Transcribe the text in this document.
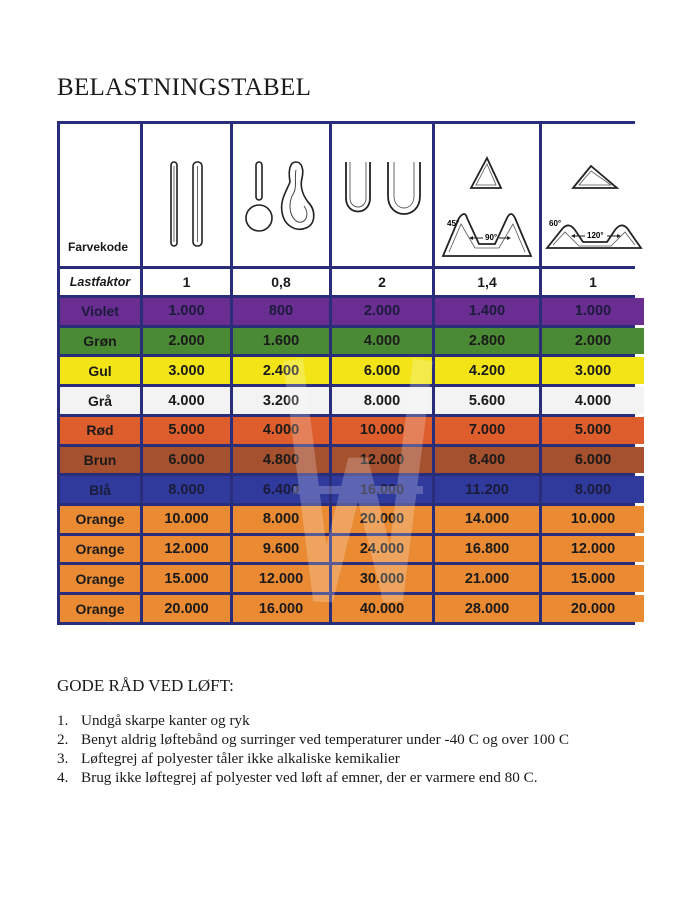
BELASTNINGSTABEL
Farvekode				45°
90°	60°
120°

Lastfaktor	1	0,8	2	1,4	1
Violet	1.000	800	2.000	1.400	1.000
Grøn	2.000	1.600	4.000	2.800	2.000
Gul	3.000	2.400	6.000	4.200	3.000
Grå	4.000	3.200	8.000	5.600	4.000
Rød	5.000	4.000	10.000	7.000	5.000
Brun	6.000	4.800	12.000	8.400	6.000
Blå	8.000	6.400	16.000	11.200	8.000
Orange	10.000	8.000	20.000	14.000	10.000
Orange	12.000	9.600	24.000	16.800	12.000
Orange	15.000	12.000	30.000	21.000	15.000
Orange	20.000	16.000	40.000	28.000	20.000
GODE RÅD VED LØFT:
1. Undgå skarpe kanter og ryk
2. Benyt aldrig løftebånd og surringer ved temperaturer under -40 C og over 100 C
3. Løftegrej af polyester tåler ikke alkaliske kemikalier
4. Brug ikke løftegrej af polyester ved løft af emner, der er varmere end 80 C.
